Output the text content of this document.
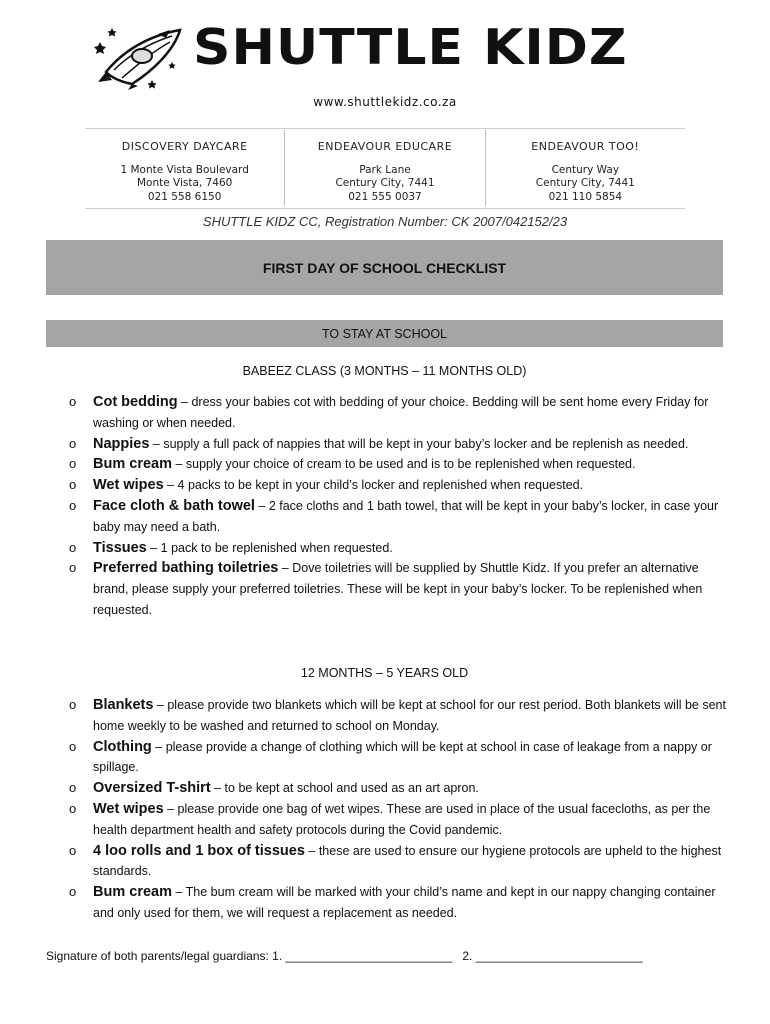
SHUTTLE KIDZ
www.shuttlekidz.co.za
DISCOVERY DAYCARE
1 Monte Vista Boulevard
Monte Vista, 7460
021 558 6150
ENDEAVOUR EDUCARE
Park Lane
Century City, 7441
021 555 0037
ENDEAVOUR TOO!
Century Way
Century City, 7441
021 110 5854
SHUTTLE KIDZ CC, Registration Number: CK 2007/042152/23
FIRST DAY OF SCHOOL CHECKLIST
TO STAY AT SCHOOL
BABEEZ CLASS (3 MONTHS – 11 MONTHS OLD)
o Cot bedding – dress your babies cot with bedding of your choice. Bedding will be sent home every Friday for washing or when needed.
o Nappies – supply a full pack of nappies that will be kept in your baby’s locker and be replenish as needed.
o Bum cream – supply your choice of cream to be used and is to be replenished when requested.
o Wet wipes – 4 packs to be kept in your child’s locker and replenished when requested.
o Face cloth & bath towel – 2 face cloths and 1 bath towel, that will be kept in your baby’s locker, in case your baby may need a bath.
o Tissues – 1 pack to be replenished when requested.
o Preferred bathing toiletries – Dove toiletries will be supplied by Shuttle Kidz. If you prefer an alternative brand, please supply your preferred toiletries. These will be kept in your baby’s locker. To be replenished when requested.
12 MONTHS – 5 YEARS OLD
o Blankets – please provide two blankets which will be kept at school for our rest period. Both blankets will be sent home weekly to be washed and returned to school on Monday.
o Clothing – please provide a change of clothing which will be kept at school in case of leakage from a nappy or spillage.
o Oversized T-shirt – to be kept at school and used as an art apron.
o Wet wipes – please provide one bag of wet wipes. These are used in place of the usual facecloths, as per the health department health and safety protocols during the Covid pandemic.
o 4 loo rolls and 1 box of tissues – these are used to ensure our hygiene protocols are upheld to the highest standards.
o Bum cream – The bum cream will be marked with your child’s name and kept in our nappy changing container and only used for them, we will request a replacement as needed.
Signature of both parents/legal guardians: 1. _________________________   2. _________________________
